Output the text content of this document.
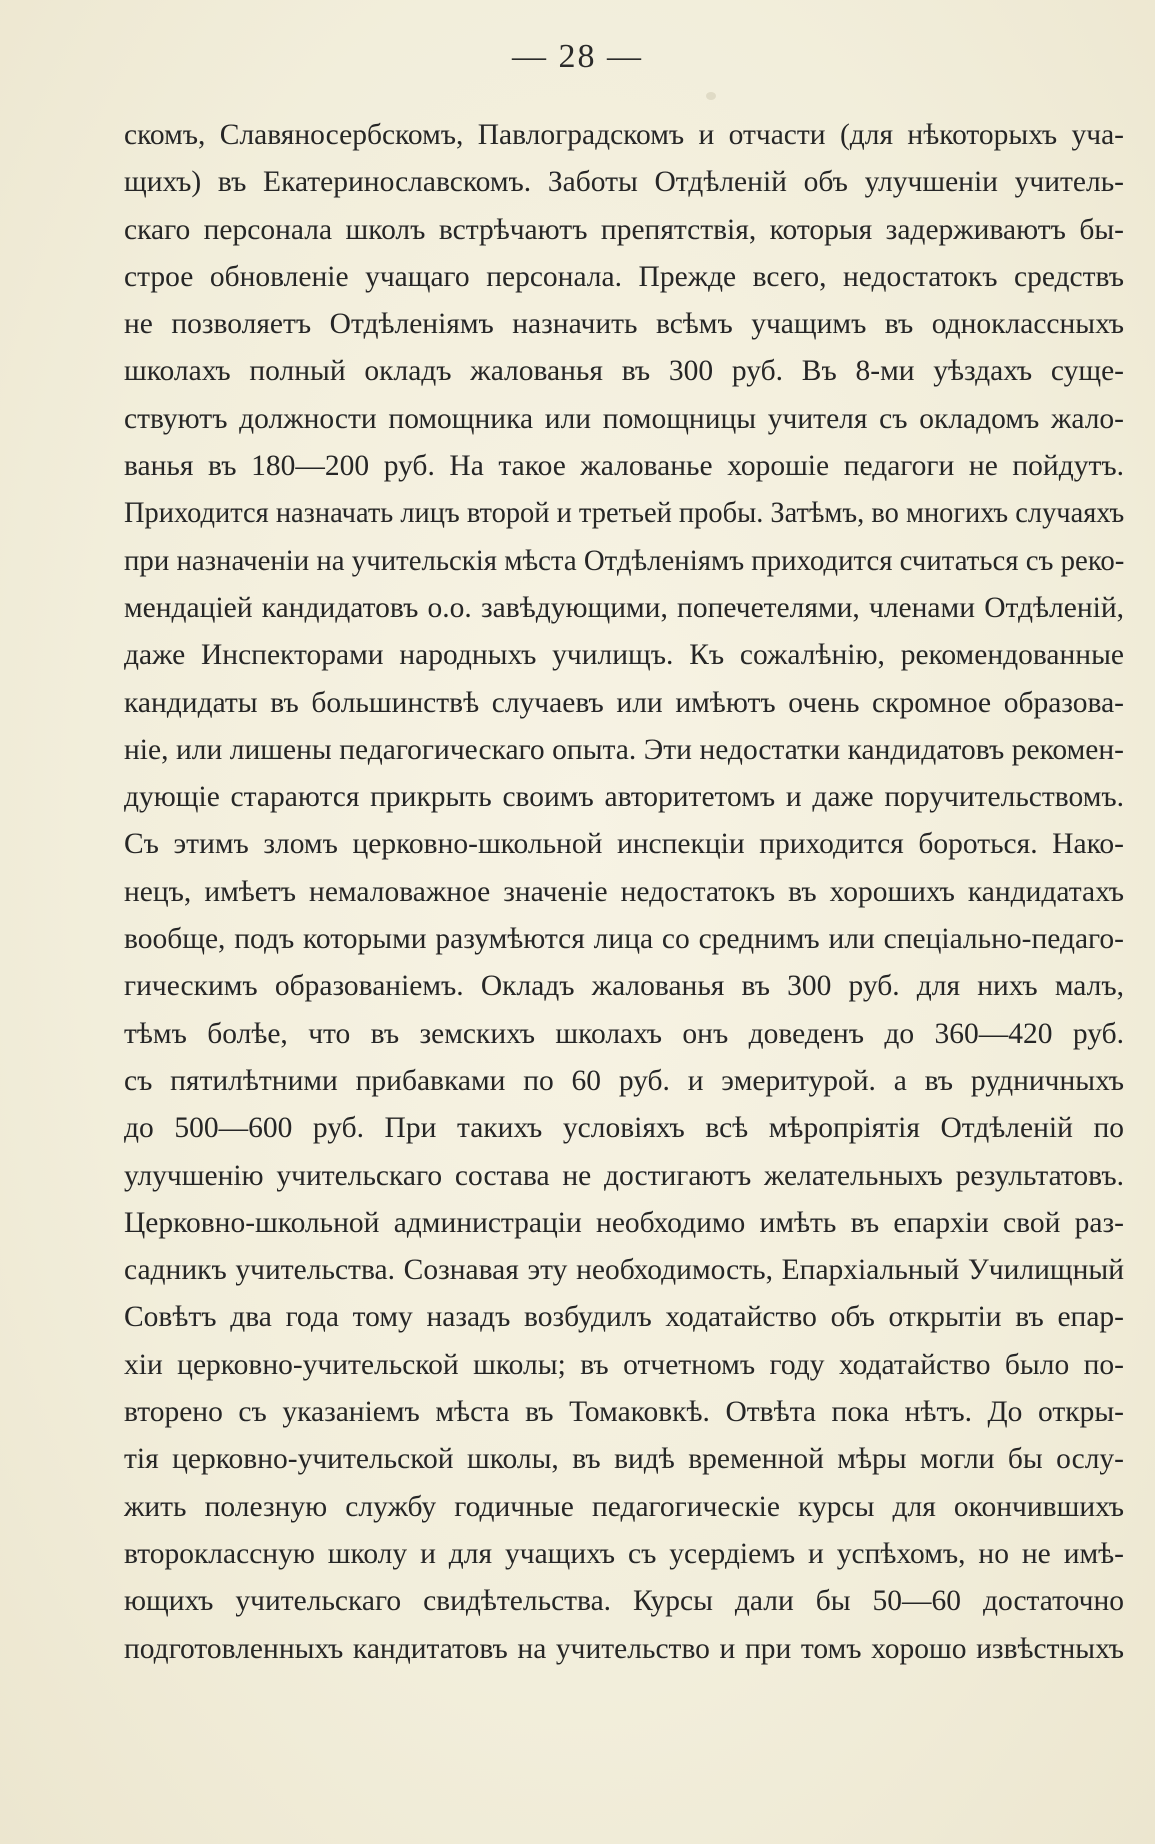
— 28 —
скомъ, Славяносербскомъ, Павлоградскомъ и отчасти (для нѣкоторыхъ уча-
щихъ) въ Екатеринославскомъ. Заботы Отдѣленій объ улучшеніи учитель-
скаго персонала школъ встрѣчаютъ препятствія, которыя задерживаютъ бы-
строе обновленіе учащаго персонала. Прежде всего, недостатокъ средствъ
не позволяетъ Отдѣленіямъ назначить всѣмъ учащимъ въ одноклассныхъ
школахъ полный окладъ жалованья въ 300 руб. Въ 8-ми уѣздахъ суще-
ствуютъ должности помощника или помощницы учителя съ окладомъ жало-
ванья въ 180—200 руб. На такое жалованье хорошіе педагоги не пойдутъ.
Приходится назначать лицъ второй и третьей пробы. Затѣмъ, во многихъ случаяхъ
при назначеніи на учительскія мѣста Отдѣленіямъ приходится считаться съ реко-
мендаціей кандидатовъ о.о. завѣдующими, попечетелями, членами Отдѣленій,
даже Инспекторами народныхъ училищъ. Къ сожалѣнію, рекомендованные
кандидаты въ большинствѣ случаевъ или имѣютъ очень скромное образова-
ніе, или лишены педагогическаго опыта. Эти недостатки кандидатовъ рекомен-
дующіе стараются прикрыть своимъ авторитетомъ и даже поручительствомъ.
Съ этимъ зломъ церковно-школьной инспекціи приходится бороться. Нако-
нецъ, имѣетъ немаловажное значеніе недостатокъ въ хорошихъ кандидатахъ
вообще, подъ которыми разумѣются лица со среднимъ или спеціально-педаго-
гическимъ образованіемъ. Окладъ жалованья въ 300 руб. для нихъ малъ,
тѣмъ болѣе, что въ земскихъ школахъ онъ доведенъ до 360—420 руб.
съ пятилѣтними прибавками по 60 руб. и эмеритурой. а въ рудничныхъ
до 500—600 руб. При такихъ условіяхъ всѣ мѣропріятія Отдѣленій по
улучшенію учительскаго состава не достигаютъ желательныхъ результатовъ.
Церковно-школьной администраціи необходимо имѣть въ епархіи свой раз-
садникъ учительства. Сознавая эту необходимость, Епархіальный Училищный
Совѣтъ два года тому назадъ возбудилъ ходатайство объ открытіи въ епар-
хіи церковно-учительской школы; въ отчетномъ году ходатайство было по-
вторено съ указаніемъ мѣста въ Томаковкѣ. Отвѣта пока нѣтъ. До откры-
тія церковно-учительской школы, въ видѣ временной мѣры могли бы ослу-
жить полезную службу годичные педагогическіе курсы для окончившихъ
второклассную школу и для учащихъ съ усердіемъ и успѣхомъ, но не имѣ-
ющихъ учительскаго свидѣтельства. Курсы дали бы 50—60 достаточно
подготовленныхъ кандитатовъ на учительство и при томъ хорошо извѣстныхъ
